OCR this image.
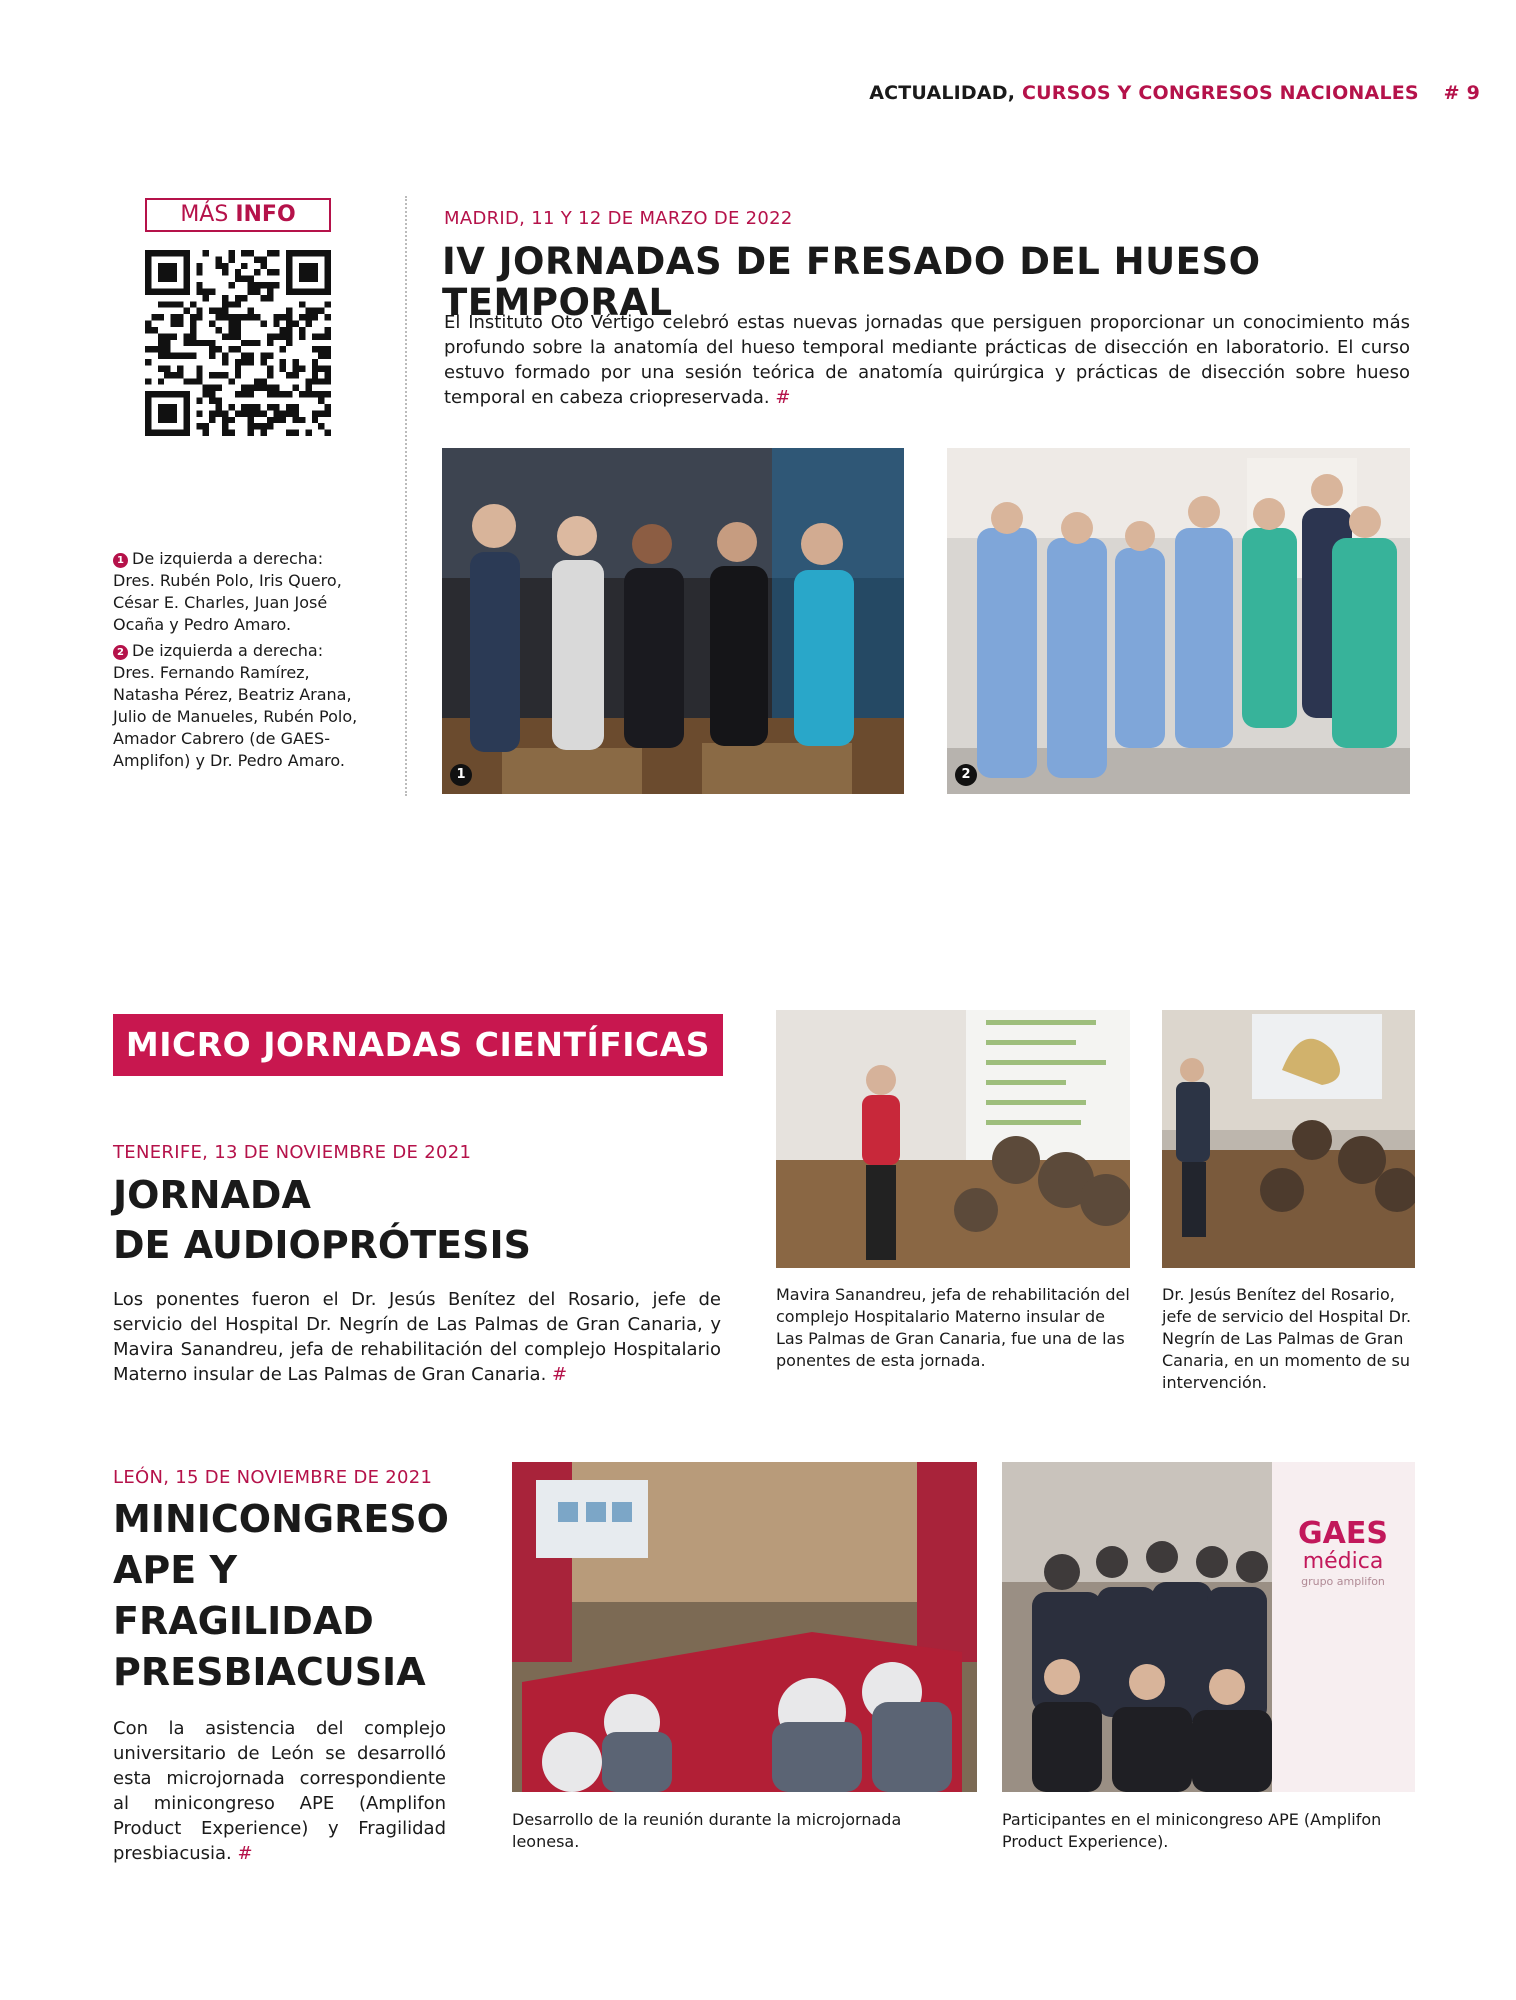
ACTUALIDAD, CURSOS Y CONGRESOS NACIONALES # 9
MÁS INFO	MADRID, 11 Y 12 DE MARZO DE 2022
IV JORNADAS DE FRESADO DEL HUESO TEMPORAL
El Instituto Oto Vértigo celebró estas nuevas jornadas que persiguen proporcionar un conocimiento más profundo sobre la anatomía del hueso temporal mediante prácticas de disección en laboratorio. El curso estuvo formado por una sesión teórica de anatomía quirúrgica y prácticas de disección sobre hueso temporal en cabeza criopreservada. #
1	2

1 De izquierda a derecha: Dres. Rubén Polo, Iris Quero, César E. Charles, Juan José Ocaña y Pedro Amaro.

2 De izquierda a derecha: Dres. Fernando Ramírez, Natasha Pérez, Beatriz Arana, Julio de Manueles, Rubén Polo, Amador Cabrero (de GAES-Amplifon) y Dr. Pedro Amaro.

MICRO JORNADAS CIENTÍFICAS
TENERIFE, 13 DE NOVIEMBRE DE 2021
JORNADA
DE AUDIOPRÓTESIS
Los ponentes fueron el Dr. Jesús Benítez del Rosario, jefe de servicio del Hospital Dr. Negrín de Las Palmas de Gran Canaria, y Mavira Sanandreu, jefa de rehabilitación del complejo Hospitalario Materno insular de Las Palmas de Gran Canaria. #
Mavira Sanandreu, jefa de rehabilitación del complejo Hospitalario Materno insular de Las Palmas de Gran Canaria, fue una de las ponentes de esta jornada.
Dr. Jesús Benítez del Rosario, jefe de servicio del Hospital Dr. Negrín de Las Palmas de Gran Canaria, en un momento de su intervención.
LEÓN, 15 DE NOVIEMBRE DE 2021
MINICONGRESO
APE Y
FRAGILIDAD
PRESBIACUSIA
Con la asistencia del complejo universitario de León se desarrolló esta microjornada correspondiente al minicongreso APE (Amplifon Product Experience) y Fragilidad presbiacusia. #
GAES
médica
grupo amplifon
Desarrollo de la reunión durante la microjornada leonesa.
Participantes en el minicongreso APE (Amplifon Product Experience).
